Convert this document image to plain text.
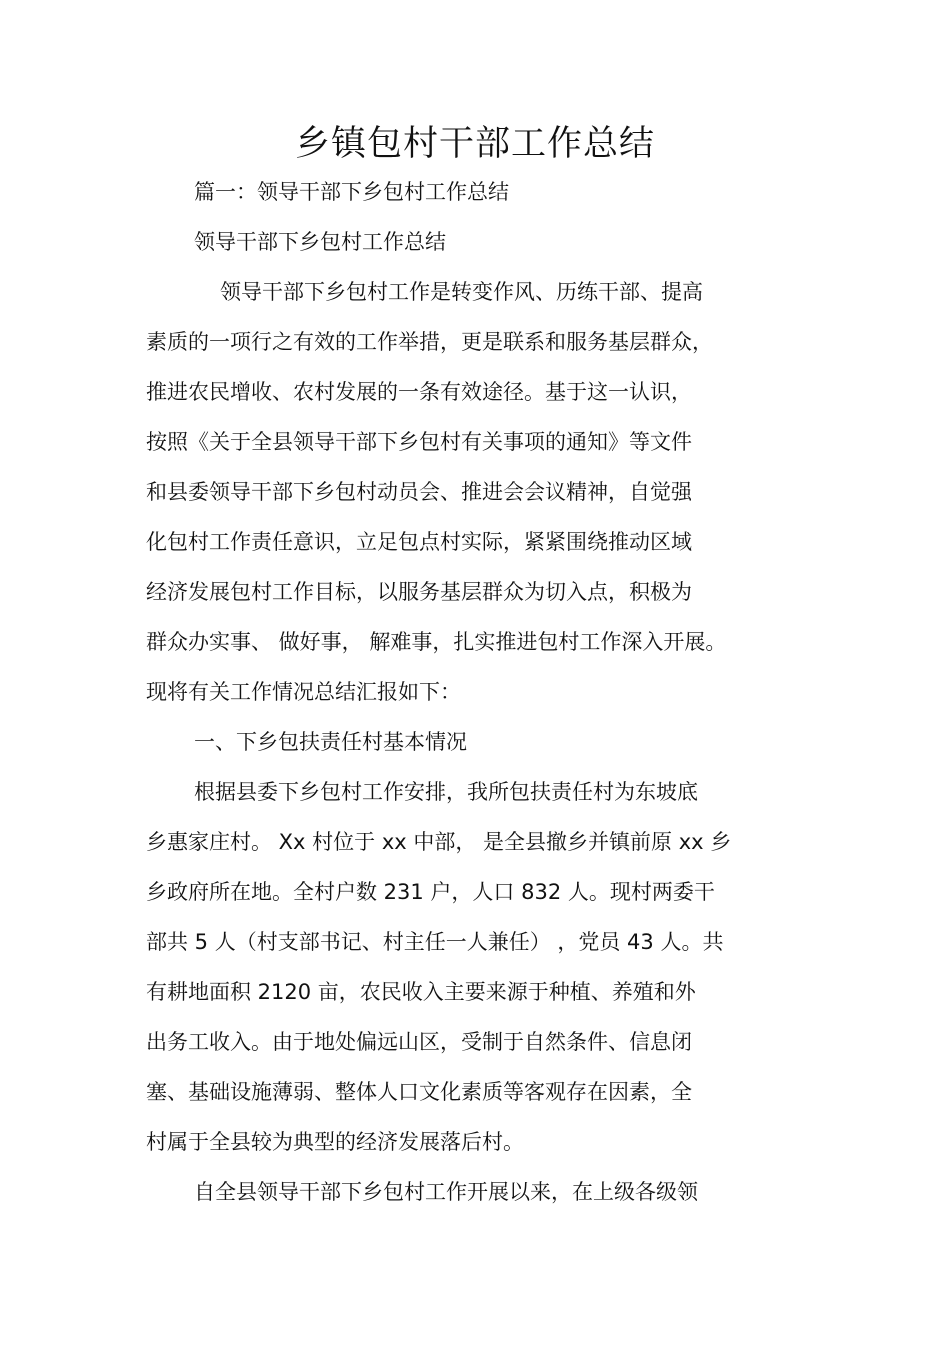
乡镇包村干部工作总结
篇一：领导干部下乡包村工作总结
领导干部下乡包村工作总结
领导干部下乡包村工作是转变作风、历练干部、提高
素质的一项行之有效的工作举措，更是联系和服务基层群众，
推进农民增收、农村发展的一条有效途径。基于这一认识，
按照《关于全县领导干部下乡包村有关事项的通知》等文件
和县委领导干部下乡包村动员会、推进会会议精神，自觉强
化包村工作责任意识，立足包点村实际，紧紧围绕推动区域
经济发展包村工作目标，以服务基层群众为切入点，积极为
群众办实事、 做好事， 解难事，扎实推进包村工作深入开展。
现将有关工作情况总结汇报如下：
一、下乡包扶责任村基本情况
根据县委下乡包村工作安排，我所包扶责任村为东坡底
乡惠家庄村。 Xx 村位于 xx 中部， 是全县撤乡并镇前原 xx 乡
乡政府所在地。全村户数 231 户，人口 832 人。现村两委干
部共 5 人（村支部书记、村主任一人兼任） ，党员 43 人。共
有耕地面积 2120 亩，农民收入主要来源于种植、养殖和外
出务工收入。由于地处偏远山区，受制于自然条件、信息闭
塞、基础设施薄弱、整体人口文化素质等客观存在因素，全
村属于全县较为典型的经济发展落后村。
自全县领导干部下乡包村工作开展以来，在上级各级领
